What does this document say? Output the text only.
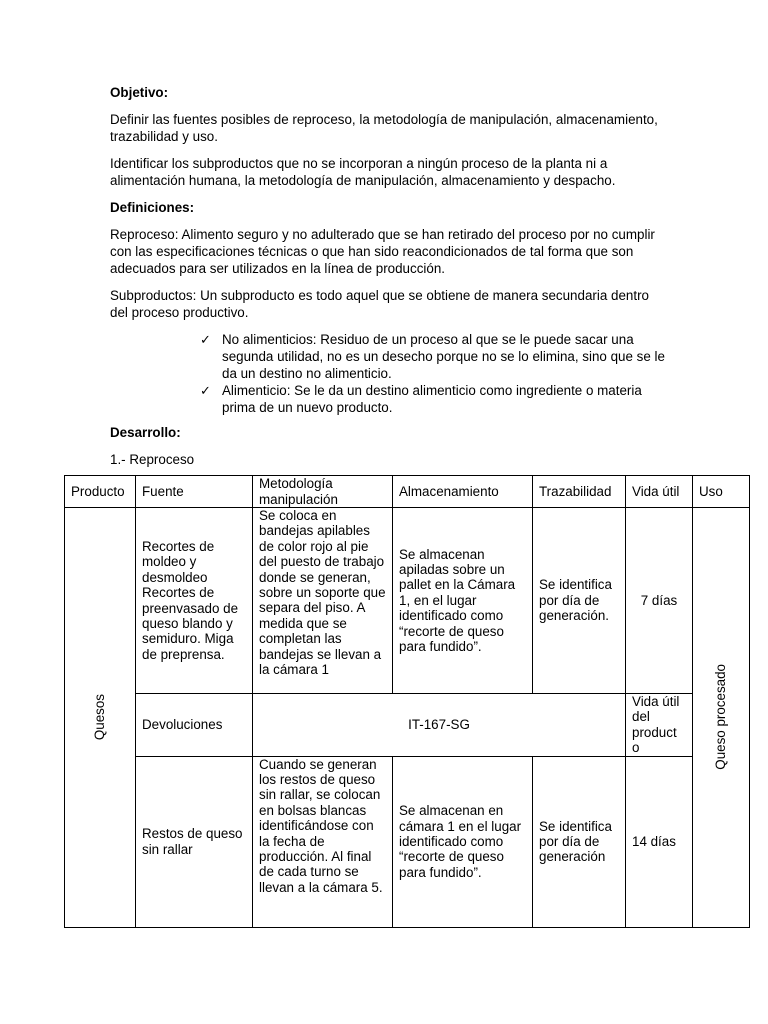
Objetivo:

Definir las fuentes posibles de reproceso, la metodología de manipulación, almacenamiento, trazabilidad y uso.

Identificar los subproductos que no se incorporan a ningún proceso de la planta ni a alimentación humana, la metodología de manipulación, almacenamiento y despacho.

Definiciones:

Reproceso: Alimento seguro y no adulterado que se han retirado del proceso por no cumplir con las especificaciones técnicas o que han sido reacondicionados de tal forma que son adecuados para ser utilizados en la línea de producción.

Subproductos: Un subproducto es todo aquel que se obtiene de manera secundaria dentro del proceso productivo.

✓ No alimenticios: Residuo de un proceso al que se le puede sacar una segunda utilidad, no es un desecho porque no se lo elimina, sino que se le da un destino no alimenticio.
✓ Alimenticio: Se le da un destino alimenticio como ingrediente o materia prima de un nuevo producto.
Desarrollo:
1.- Reproceso
Producto	Fuente	Metodología manipulación	Almacenamiento	Trazabilidad	Vida útil	Uso

Quesos	Recortes de moldeo y desmoldeo Recortes de preenvasado de queso blando y semiduro. Miga de preprensa.	Se coloca en bandejas apilables de color rojo al pie del puesto de trabajo donde se generan, sobre un soporte que separa del piso. A medida que se completan las bandejas se llevan a la cámara 1	Se almacenan apiladas sobre un pallet en la Cámara 1, en el lugar identificado como “recorte de queso para fundido”.	Se identifica por día de generación.	7 días	Queso procesado

	Devoluciones	IT-167-SG			Vida útil del product o	
	Restos de queso sin rallar	Cuando se generan los restos de queso sin rallar, se colocan en bolsas blancas identificándose con la fecha de producción. Al final de cada turno se llevan a la cámara 5.	Se almacenan en cámara 1 en el lugar identificado como “recorte de queso para fundido”.	Se identifica por día de generación	14 días	
